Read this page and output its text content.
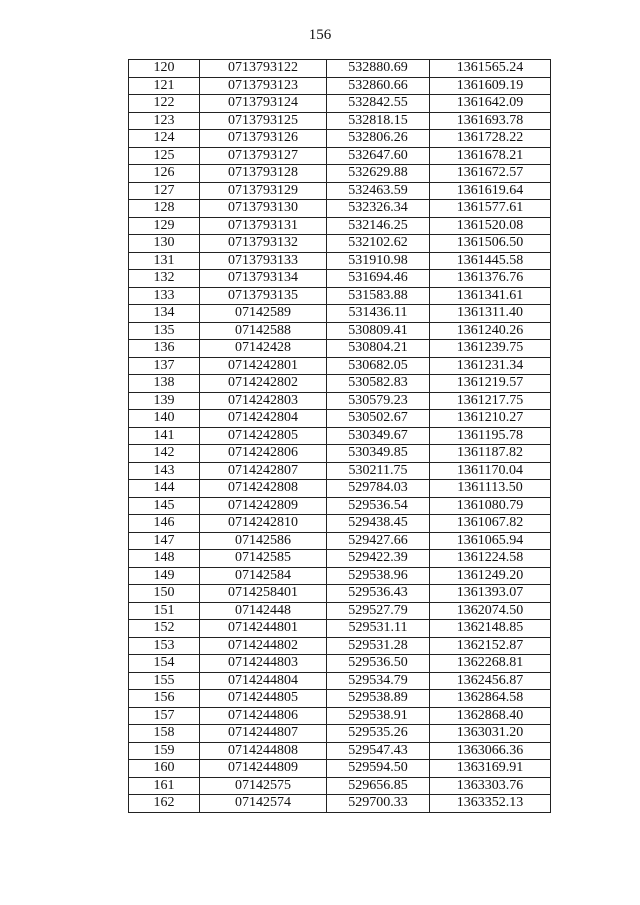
156
120	0713793122	532880.69	1361565.24
121	0713793123	532860.66	1361609.19
122	0713793124	532842.55	1361642.09
123	0713793125	532818.15	1361693.78
124	0713793126	532806.26	1361728.22
125	0713793127	532647.60	1361678.21
126	0713793128	532629.88	1361672.57
127	0713793129	532463.59	1361619.64
128	0713793130	532326.34	1361577.61
129	0713793131	532146.25	1361520.08
130	0713793132	532102.62	1361506.50
131	0713793133	531910.98	1361445.58
132	0713793134	531694.46	1361376.76
133	0713793135	531583.88	1361341.61
134	07142589	531436.11	1361311.40
135	07142588	530809.41	1361240.26
136	07142428	530804.21	1361239.75
137	0714242801	530682.05	1361231.34
138	0714242802	530582.83	1361219.57
139	0714242803	530579.23	1361217.75
140	0714242804	530502.67	1361210.27
141	0714242805	530349.67	1361195.78
142	0714242806	530349.85	1361187.82
143	0714242807	530211.75	1361170.04
144	0714242808	529784.03	1361113.50
145	0714242809	529536.54	1361080.79
146	0714242810	529438.45	1361067.82
147	07142586	529427.66	1361065.94
148	07142585	529422.39	1361224.58
149	07142584	529538.96	1361249.20
150	0714258401	529536.43	1361393.07
151	07142448	529527.79	1362074.50
152	0714244801	529531.11	1362148.85
153	0714244802	529531.28	1362152.87
154	0714244803	529536.50	1362268.81
155	0714244804	529534.79	1362456.87
156	0714244805	529538.89	1362864.58
157	0714244806	529538.91	1362868.40
158	0714244807	529535.26	1363031.20
159	0714244808	529547.43	1363066.36
160	0714244809	529594.50	1363169.91
161	07142575	529656.85	1363303.76
162	07142574	529700.33	1363352.13
